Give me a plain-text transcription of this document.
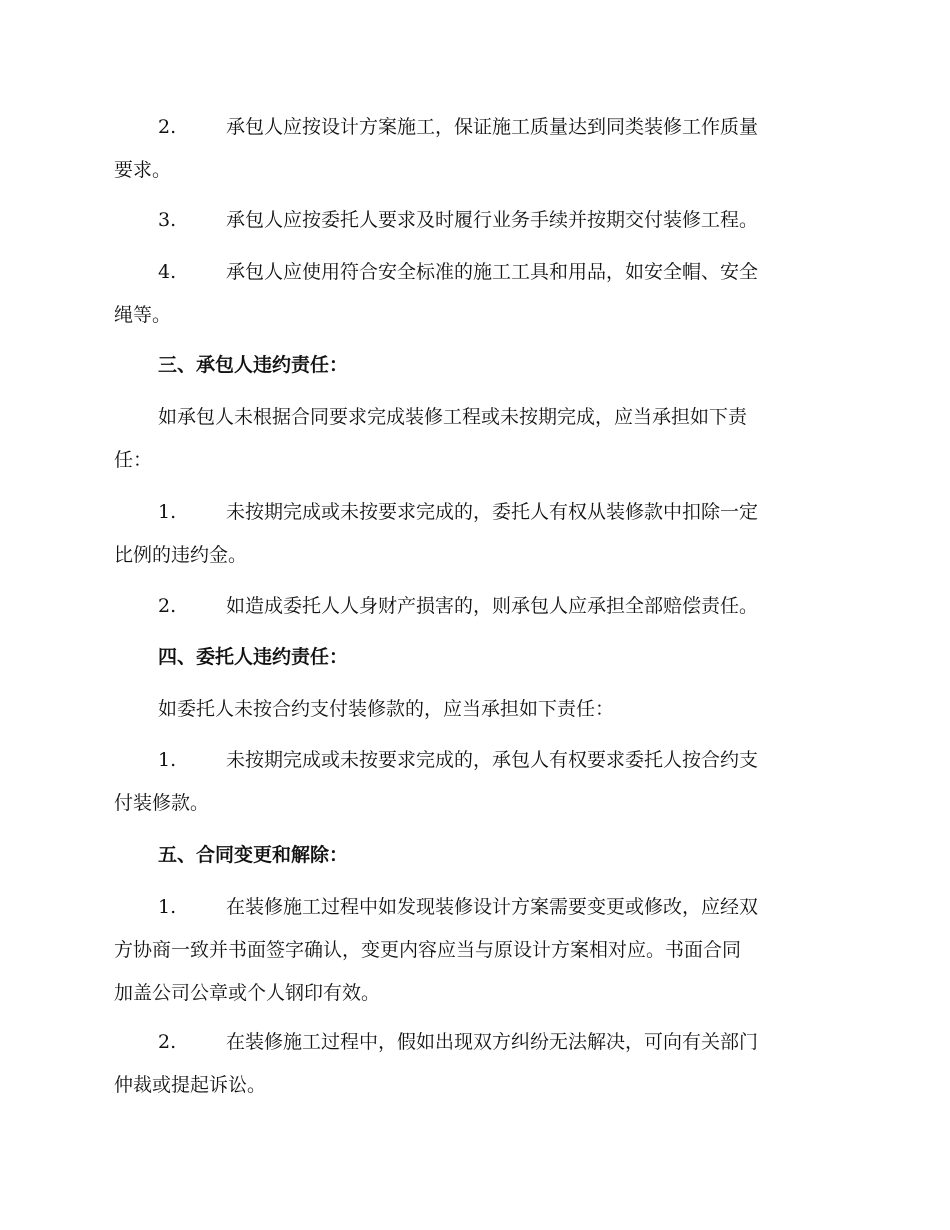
2.	承包人应按设计方案施工，保证施工质量达到同类装修工作质量
要求。
3.	承包人应按委托人要求及时履行业务手续并按期交付装修工程。
4.	承包人应使用符合安全标准的施工工具和用品，如安全帽、安全
绳等。
三、承包人违约责任：
如承包人未根据合同要求完成装修工程或未按期完成，应当承担如下责
任：
1.	未按期完成或未按要求完成的，委托人有权从装修款中扣除一定
比例的违约金。
2.	如造成委托人人身财产损害的，则承包人应承担全部赔偿责任。
四、委托人违约责任：
如委托人未按合约支付装修款的，应当承担如下责任：
1.	未按期完成或未按要求完成的，承包人有权要求委托人按合约支
付装修款。
五、合同变更和解除：
1.	在装修施工过程中如发现装修设计方案需要变更或修改，应经双
方协商一致并书面签字确认，变更内容应当与原设计方案相对应。书面合同
加盖公司公章或个人钢印有效。
2.	在装修施工过程中，假如出现双方纠纷无法解决，可向有关部门
仲裁或提起诉讼。
